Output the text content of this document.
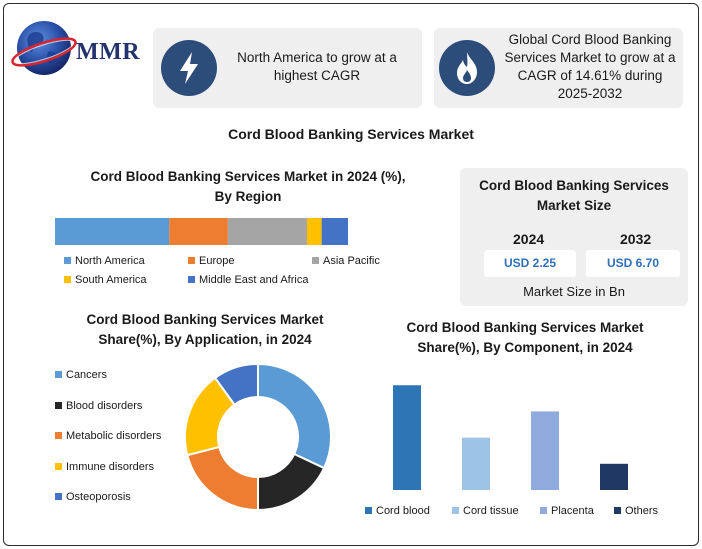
MMR	North America to grow at a highest CAGR
Global Cord Blood Banking Services Market to grow at a CAGR of 14.61% during 2025-2032
Cord Blood Banking Services Market
Cord Blood Banking Services Market in 2024 (%), By Region
North America	Europe	Asia Pacific
South America	Middle East and Africa
Cord Blood Banking Services Market Size
2024	2032
USD 2.25	USD 6.70
Market Size in Bn
Cord Blood Banking Services Market Share(%), By Application, in 2024
Cancers
Blood disorders
Metabolic disorders
Immune disorders
Osteoporosis
Cord Blood Banking Services Market Share(%), By Component, in 2024
Cord blood	Cord tissue	Placenta	Others
